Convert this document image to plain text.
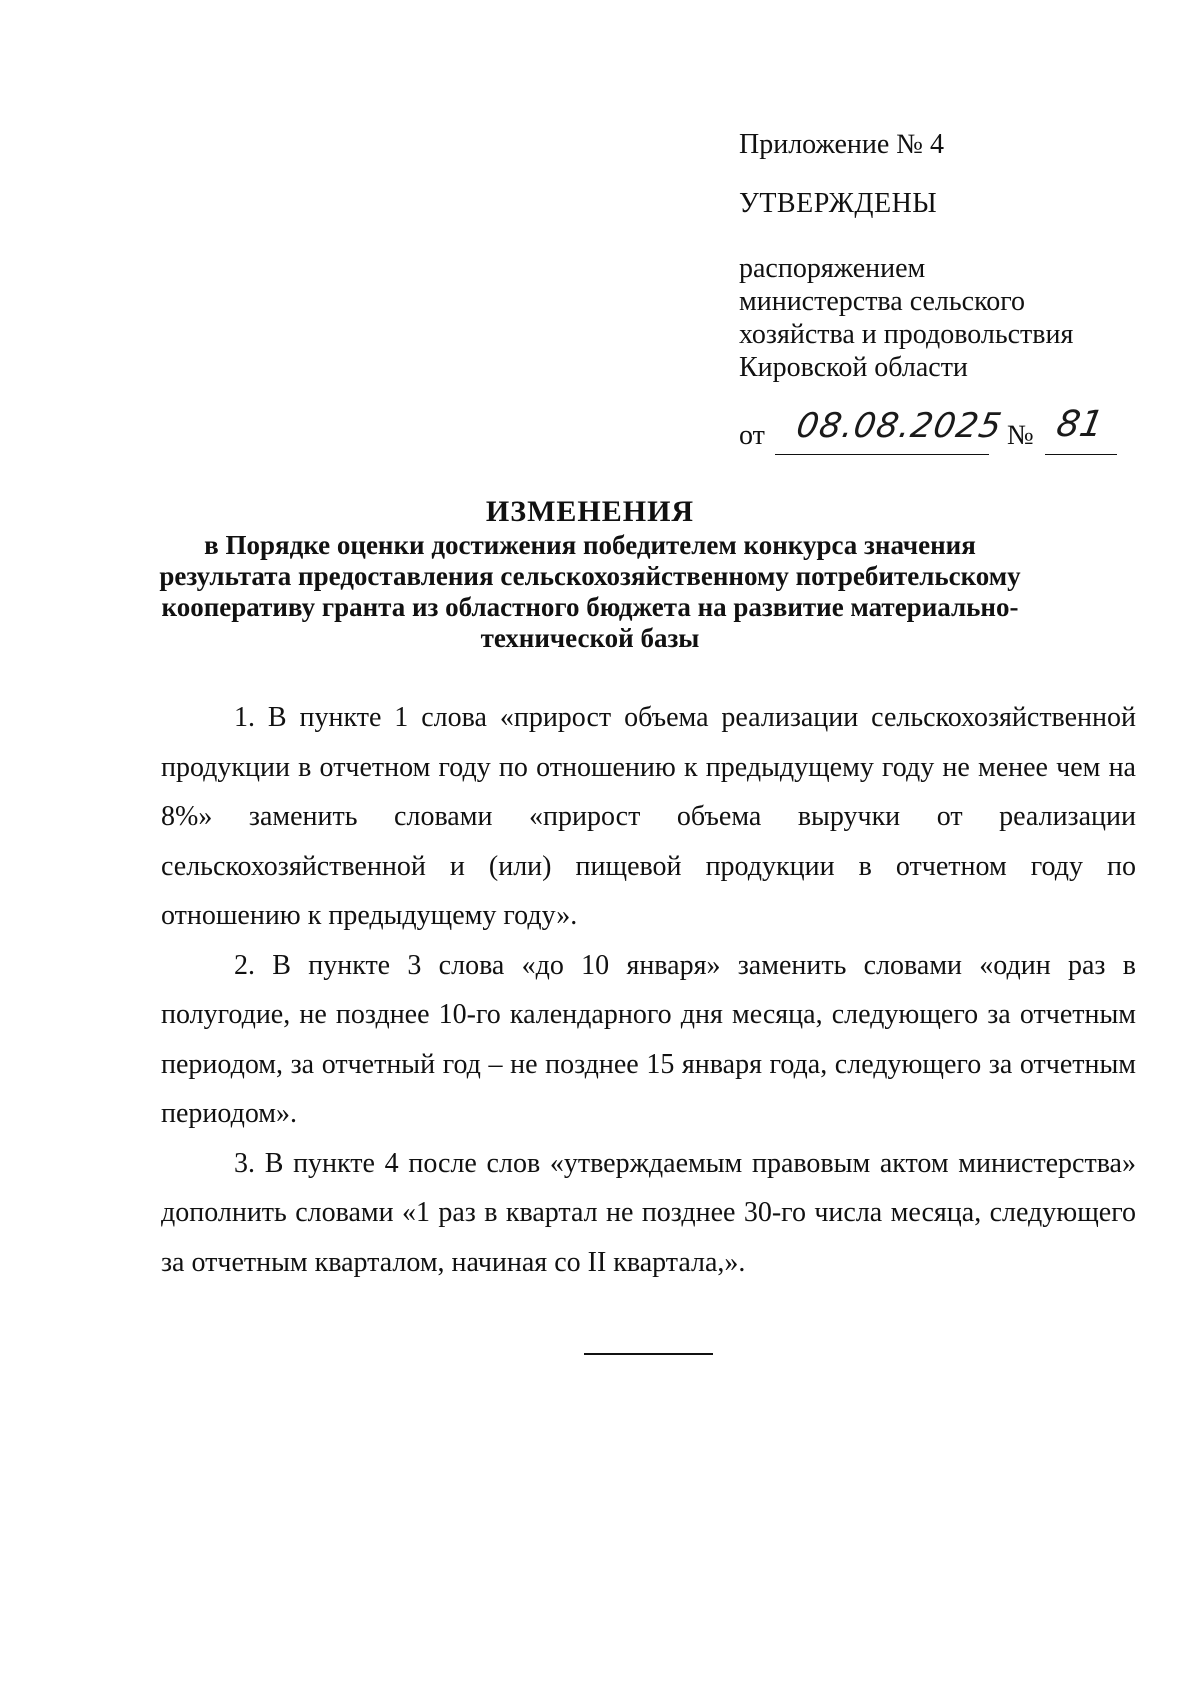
Приложение № 4
УТВЕРЖДЕНЫ
распоряжением
министерства сельского
хозяйства и продовольствия
Кировской области
от 08.08.2025 № 81
ИЗМЕНЕНИЯ
в Порядке оценки достижения победителем конкурса значения
результата предоставления сельскохозяйственному потребительскому
кооперативу гранта из областного бюджета на развитие материально-
технической базы

1. В пункте 1 слова «прирост объема реализации сельскохозяйственной продукции в отчетном году по отношению к предыдущему году не менее чем на 8%» заменить словами «прирост объема выручки от реализации сельскохозяйственной и (или) пищевой продукции в отчетном году по отношению к предыдущему году».

2. В пункте 3 слова «до 10 января» заменить словами «один раз в полугодие, не позднее 10-го календарного дня месяца, следующего за отчетным периодом, за отчетный год – не позднее 15 января года, следующего за отчетным периодом».

3. В пункте 4 после слов «утверждаемым правовым актом министерства» дополнить словами «1 раз в квартал не позднее 30-го числа месяца, следующего за отчетным кварталом, начиная со II квартала,».
